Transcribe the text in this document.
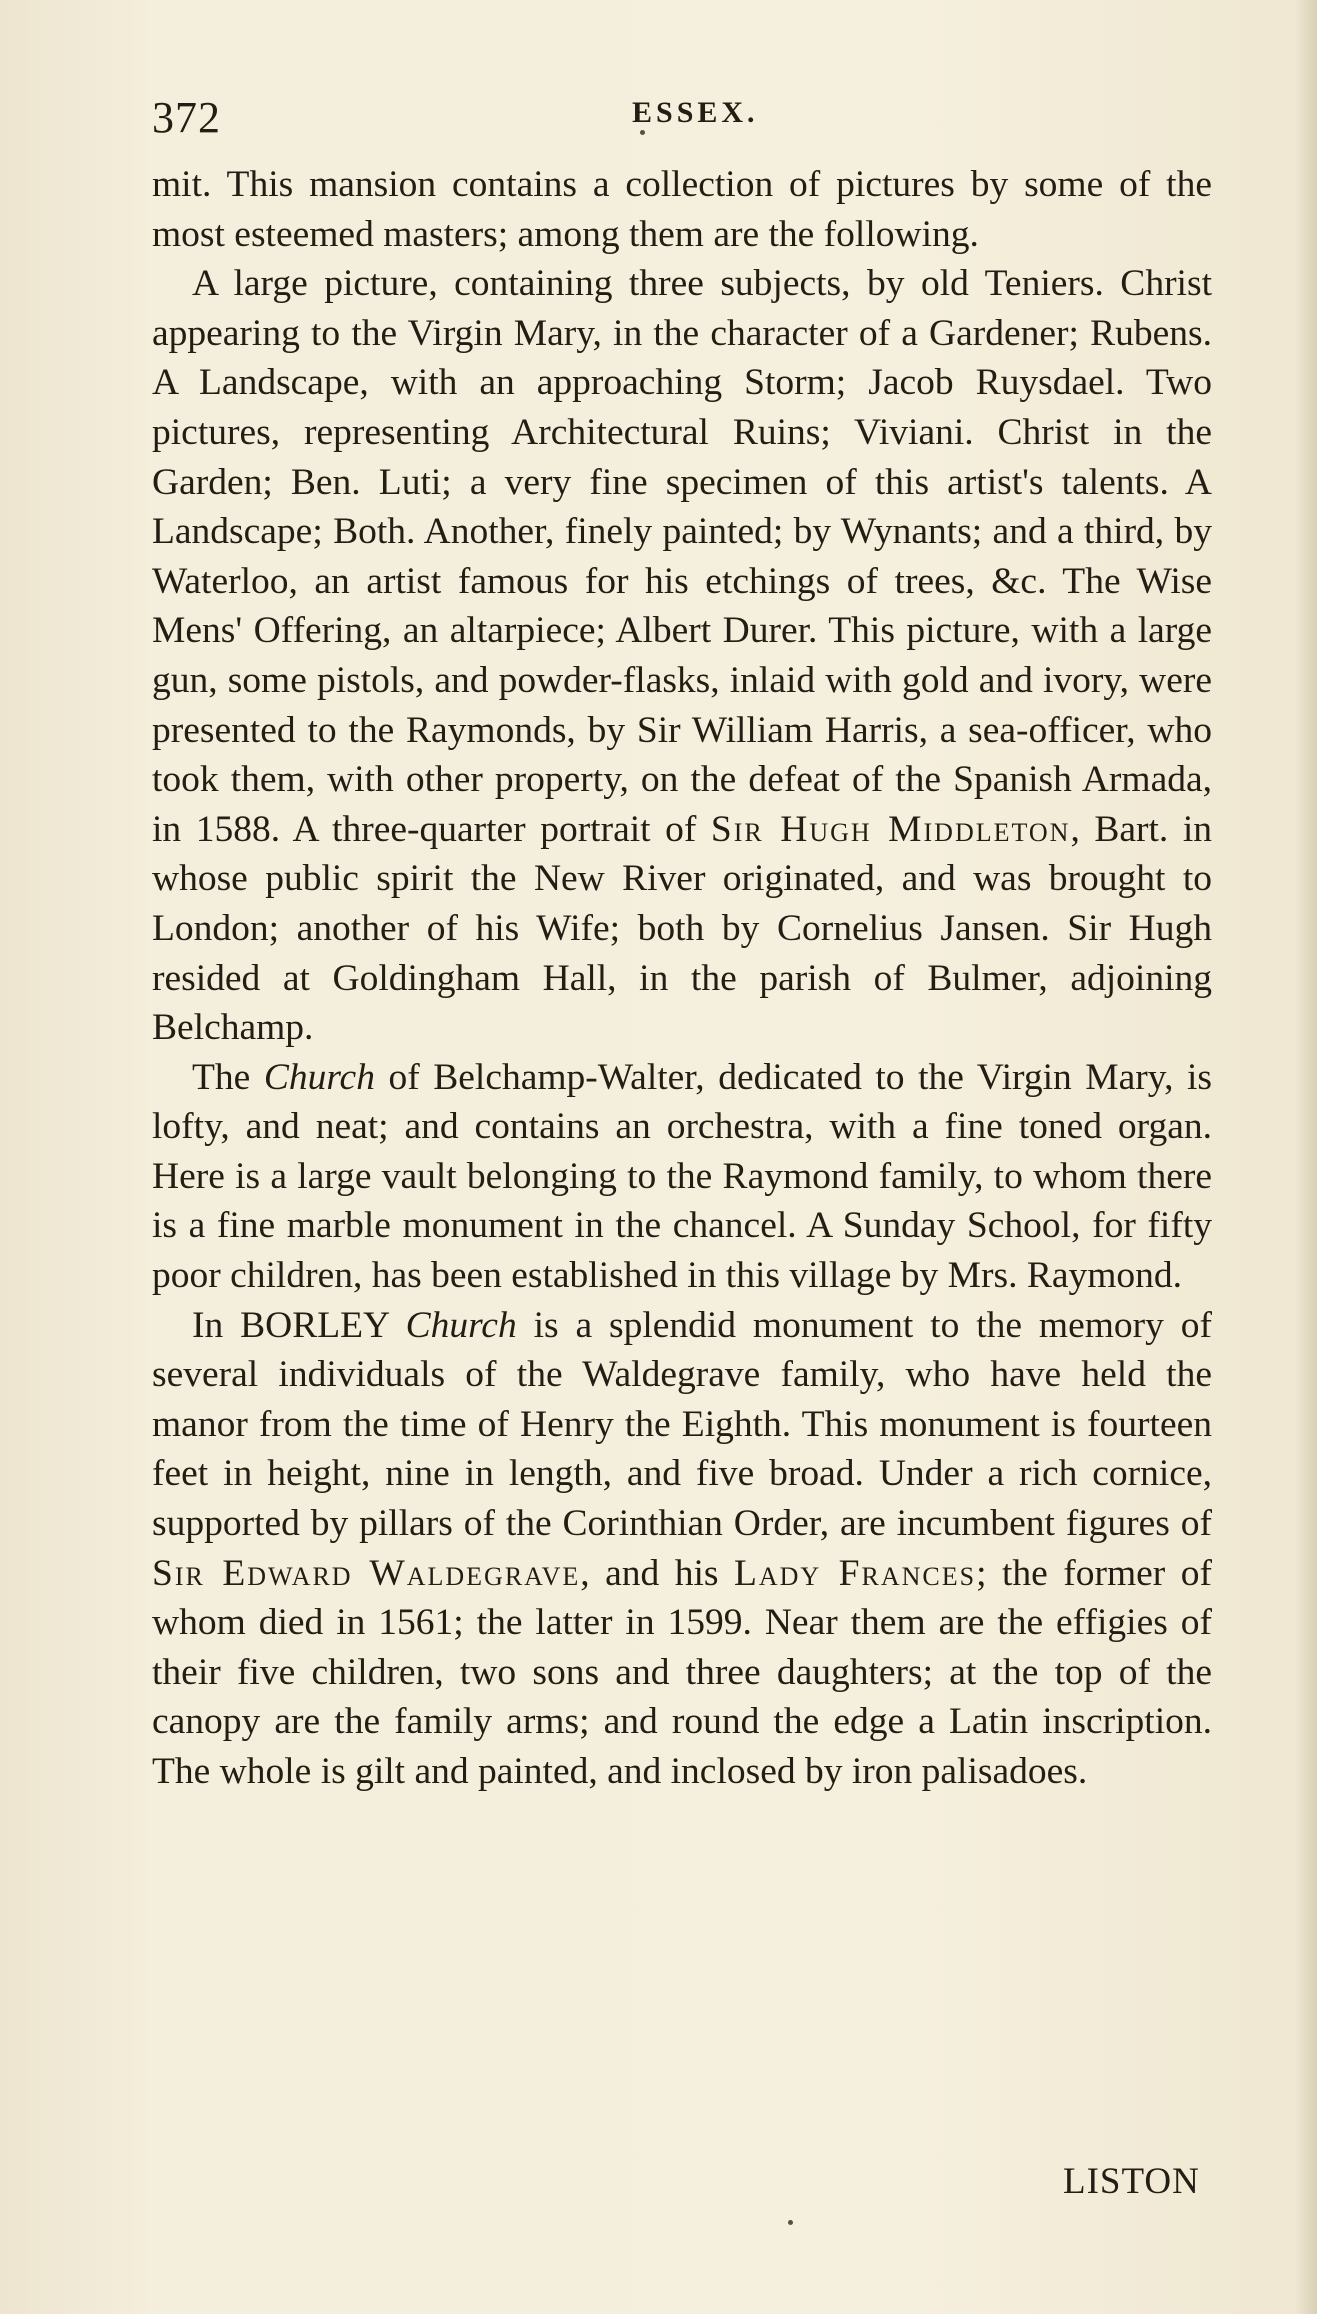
372	ESSEX.

mit. This mansion contains a collection of pictures by some of the most esteemed masters; among them are the following.

A large picture, containing three subjects, by old Teniers. Christ appearing to the Virgin Mary, in the character of a Gardener; Rubens. A Landscape, with an approaching Storm; Jacob Ruysdael. Two pictures, representing Architectural Ruins; Viviani. Christ in the Garden; Ben. Luti; a very fine specimen of this artist's talents. A Landscape; Both. Another, finely painted; by Wynants; and a third, by Waterloo, an artist famous for his etchings of trees, &c. The Wise Mens' Offering, an altarpiece; Albert Durer. This picture, with a large gun, some pistols, and powder-flasks, inlaid with gold and ivory, were presented to the Raymonds, by Sir William Harris, a sea-officer, who took them, with other property, on the defeat of the Spanish Armada, in 1588. A three-quarter portrait of Sir Hugh Middleton, Bart. in whose public spirit the New River originated, and was brought to London; another of his Wife; both by Cornelius Jansen. Sir Hugh resided at Goldingham Hall, in the parish of Bulmer, adjoining Belchamp.

The Church of Belchamp-Walter, dedicated to the Virgin Mary, is lofty, and neat; and contains an orchestra, with a fine toned organ. Here is a large vault belonging to the Raymond family, to whom there is a fine marble monument in the chancel. A Sunday School, for fifty poor children, has been established in this village by Mrs. Raymond.

In BORLEY Church is a splendid monument to the memory of several individuals of the Waldegrave family, who have held the manor from the time of Henry the Eighth. This monument is fourteen feet in height, nine in length, and five broad. Under a rich cornice, supported by pillars of the Corinthian Order, are incumbent figures of Sir Edward Waldegrave, and his Lady Frances; the former of whom died in 1561; the latter in 1599. Near them are the effigies of their five children, two sons and three daughters; at the top of the canopy are the family arms; and round the edge a Latin inscription. The whole is gilt and painted, and inclosed by iron palisadoes.

LISTON
